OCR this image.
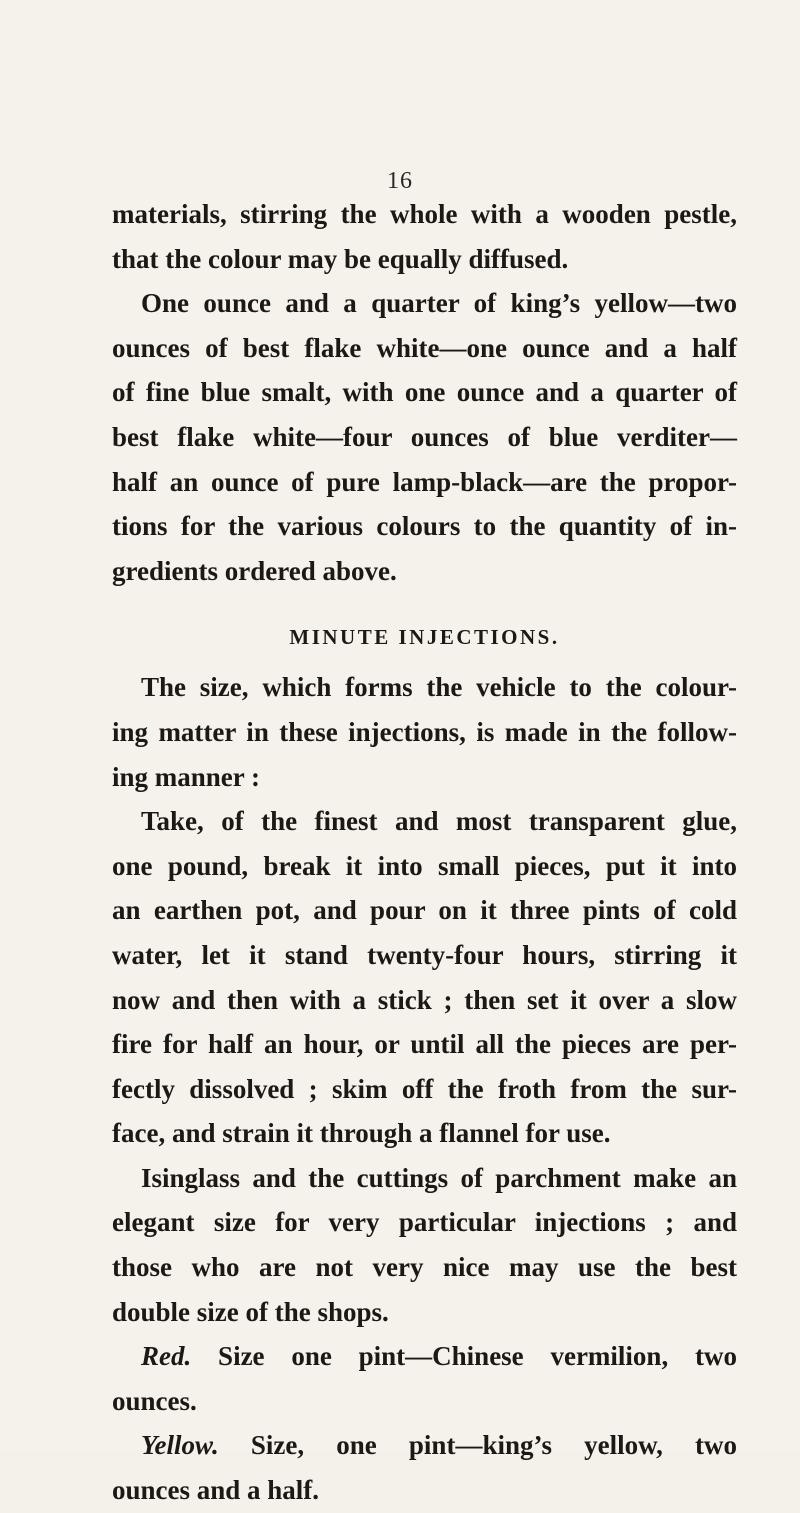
16
materials, stirring the whole with a wooden pestle,
that the colour may be equally diffused.
One ounce and a quarter of king’s yellow—two
ounces of best flake white—one ounce and a half
of fine blue smalt, with one ounce and a quarter of
best flake white—four ounces of blue verditer—
half an ounce of pure lamp-black—are the propor-
tions for the various colours to the quantity of in-
gredients ordered above.
MINUTE INJECTIONS.
The size, which forms the vehicle to the colour-
ing matter in these injections, is made in the follow-
ing manner :
Take, of the finest and most transparent glue,
one pound, break it into small pieces, put it into
an earthen pot, and pour on it three pints of cold
water, let it stand twenty-four hours, stirring it
now and then with a stick ; then set it over a slow
fire for half an hour, or until all the pieces are per-
fectly dissolved ; skim off the froth from the sur-
face, and strain it through a flannel for use.
Isinglass and the cuttings of parchment make an
elegant size for very particular injections ; and
those who are not very nice may use the best
double size of the shops.
Red. Size one pint—Chinese vermilion, two
ounces.
Yellow. Size, one pint—king’s yellow, two
ounces and a half.
